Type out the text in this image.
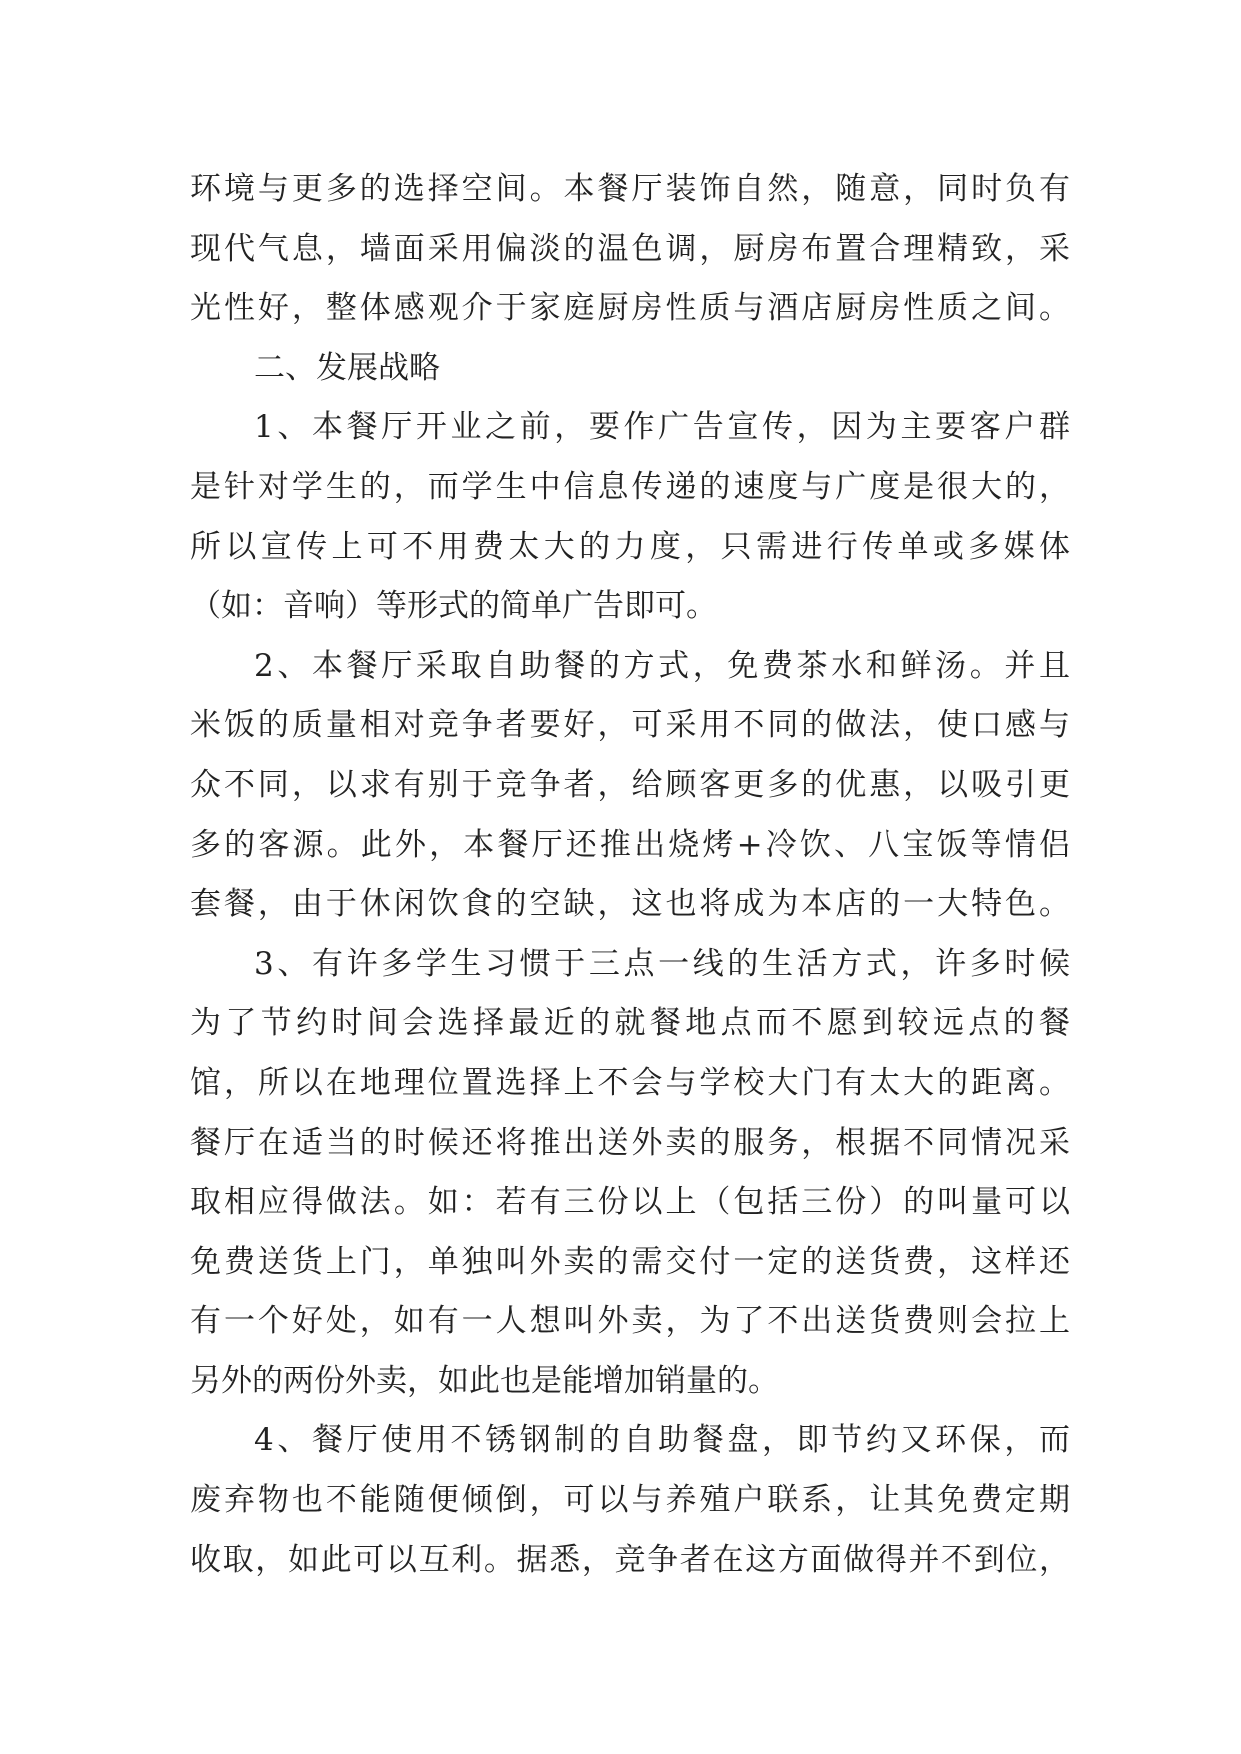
环境与更多的选择空间。本餐厅装饰自然，随意，同时负有
现代气息，墙面采用偏淡的温色调，厨房布置合理精致，采
光性好，整体感观介于家庭厨房性质与酒店厨房性质之间。
二、发展战略
1、本餐厅开业之前，要作广告宣传，因为主要客户群
是针对学生的，而学生中信息传递的速度与广度是很大的，
所以宣传上可不用费太大的力度，只需进行传单或多媒体
（如：音响）等形式的简单广告即可。
2、本餐厅采取自助餐的方式，免费茶水和鲜汤。并且
米饭的质量相对竞争者要好，可采用不同的做法，使口感与
众不同，以求有别于竞争者，给顾客更多的优惠，以吸引更
多的客源。此外，本餐厅还推出烧烤+冷饮、八宝饭等情侣
套餐，由于休闲饮食的空缺，这也将成为本店的一大特色。
3、有许多学生习惯于三点一线的生活方式，许多时候
为了节约时间会选择最近的就餐地点而不愿到较远点的餐
馆，所以在地理位置选择上不会与学校大门有太大的距离。
餐厅在适当的时候还将推出送外卖的服务，根据不同情况采
取相应得做法。如：若有三份以上（包括三份）的叫量可以
免费送货上门，单独叫外卖的需交付一定的送货费，这样还
有一个好处，如有一人想叫外卖，为了不出送货费则会拉上
另外的两份外卖，如此也是能增加销量的。
4、餐厅使用不锈钢制的自助餐盘，即节约又环保，而
废弃物也不能随便倾倒，可以与养殖户联系，让其免费定期
收取，如此可以互利。据悉，竞争者在这方面做得并不到位，
